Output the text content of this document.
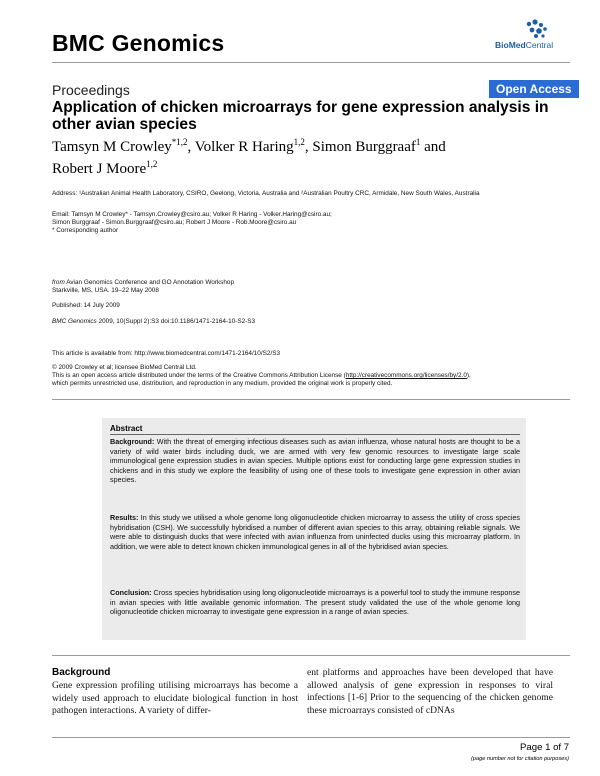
BMC Genomics	BioMedCentral
Proceedings	Open Access
Application of chicken microarrays for gene expression analysis in
other avian species
Tamsyn M Crowley$^{*1,2}$, Volker R Haring$^{1,2}$, Simon Burggraaf$^1$ and
Robert J Moore$^{1,2}$
Address: ¹Australian Animal Health Laboratory, CSIRO, Geelong, Victoria, Australia and ²Australian Poultry CRC, Armidale, New South Wales, Australia
Email: Tamsyn M Crowley* - Tamsyn.Crowley@csiro.au; Volker R Haring - Volker.Haring@csiro.au;
Simon Burggraaf - Simon.Burggraaf@csiro.au; Robert J Moore - Rob.Moore@csiro.au
* Corresponding author
from Avian Genomics Conference and GO Annotation Workshop
Starkville, MS, USA. 19–22 May 2008
Published: 14 July 2009
BMC Genomics 2009, 10(Suppl 2):S3 doi:10.1186/1471-2164-10-S2-S3
This article is available from: http://www.biomedcentral.com/1471-2164/10/S2/S3
© 2009 Crowley et al; licensee BioMed Central Ltd.
This is an open access article distributed under the terms of the Creative Commons Attribution License (http://creativecommons.org/licenses/by/2.0),
which permits unrestricted use, distribution, and reproduction in any medium, provided the original work is properly cited.
Abstract
Background: With the threat of emerging infectious diseases such as avian influenza, whose natural hosts are thought to be a variety of wild water birds including duck, we are armed with very few genomic resources to investigate large scale immunological gene expression studies in avian species. Multiple options exist for conducting large gene expression studies in chickens and in this study we explore the feasibility of using one of these tools to investigate gene expression in other avian species.
Results: In this study we utilised a whole genome long oligonucleotide chicken microarray to assess the utility of cross species hybridisation (CSH). We successfully hybridised a number of different avian species to this array, obtaining reliable signals. We were able to distinguish ducks that were infected with avian influenza from uninfected ducks using this microarray platform. In addition, we were able to detect known chicken immunological genes in all of the hybridised avian species.
Conclusion: Cross species hybridisation using long oligonucleotide microarrays is a powerful tool to study the immune response in avian species with little available genomic information. The present study validated the use of the whole genome long oligonucleotide chicken microarray to investigate gene expression in a range of avian species.
Background
Gene expression profiling utilising microarrays has become a widely used approach to elucidate biological function in host pathogen interactions. A variety of differ-
ent platforms and approaches have been developed that have allowed analysis of gene expression in responses to viral infections [1-6] Prior to the sequencing of the chicken genome these microarrays consisted of cDNAs
Page 1 of 7
(page number not for citation purposes)
